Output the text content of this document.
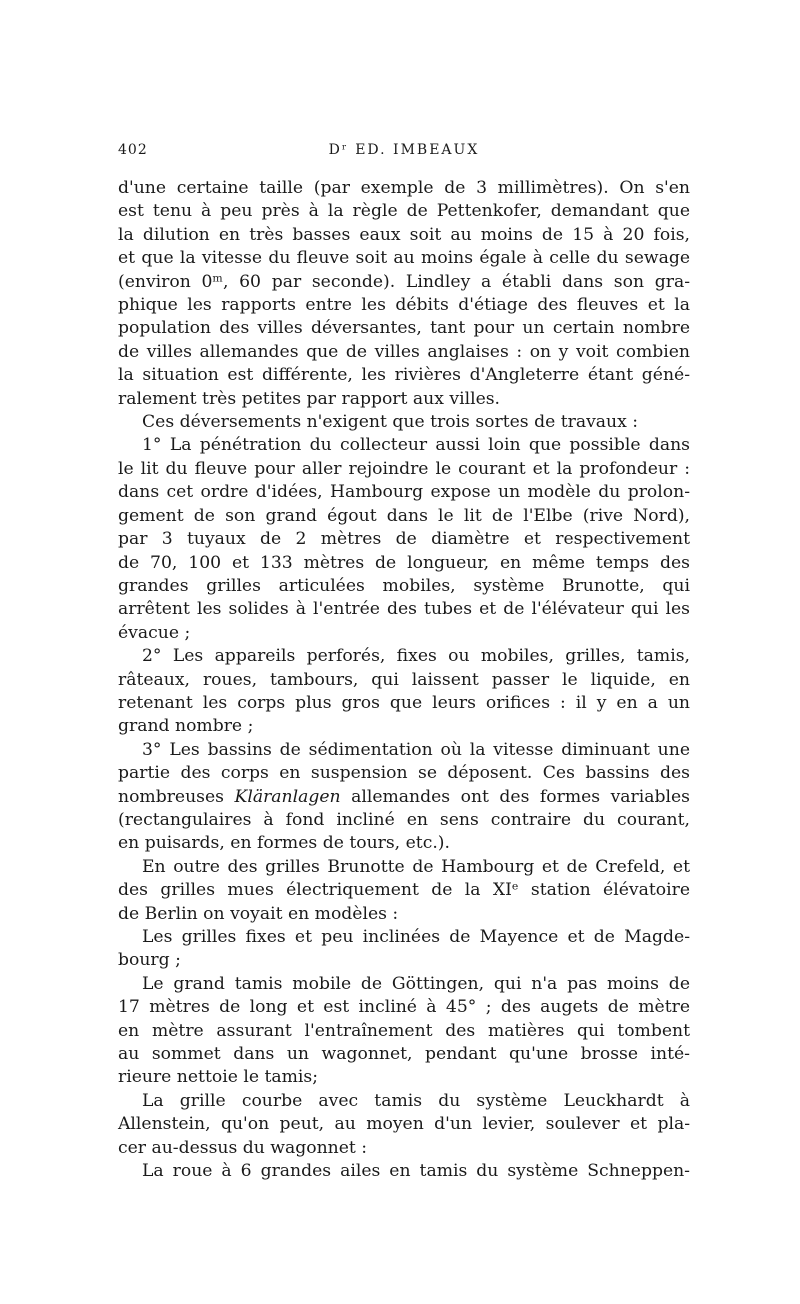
402	Dʳ ED. IMBEAUX

d'une certaine taille (par exemple de 3 millimètres). On s'en

est tenu à peu près à la règle de Pettenkofer, demandant que

la dilution en très basses eaux soit au moins de 15 à 20 fois,

et que la vitesse du fleuve soit au moins égale à celle du sewage

(environ 0ᵐ, 60 par seconde). Lindley a établi dans son gra-

phique les rapports entre les débits d'étiage des fleuves et la

population des villes déversantes, tant pour un certain nombre

de villes allemandes que de villes anglaises : on y voit combien

la situation est différente, les rivières d'Angleterre étant géné-

ralement très petites par rapport aux villes.

Ces déversements n'exigent que trois sortes de travaux :

1° La pénétration du collecteur aussi loin que possible dans

le lit du fleuve pour aller rejoindre le courant et la profondeur :

dans cet ordre d'idées, Hambourg expose un modèle du prolon-

gement de son grand égout dans le lit de l'Elbe (rive Nord),

par 3 tuyaux de 2 mètres de diamètre et respectivement

de 70, 100 et 133 mètres de longueur, en même temps des

grandes grilles articulées mobiles, système Brunotte, qui

arrêtent les solides à l'entrée des tubes et de l'élévateur qui les

évacue ;

2° Les appareils perforés, fixes ou mobiles, grilles, tamis,

râteaux, roues, tambours, qui laissent passer le liquide, en

retenant les corps plus gros que leurs orifices : il y en a un

grand nombre ;

3° Les bassins de sédimentation où la vitesse diminuant une

partie des corps en suspension se déposent. Ces bassins des

nombreuses Kläranlagen allemandes ont des formes variables

(rectangulaires à fond incliné en sens contraire du courant,

en puisards, en formes de tours, etc.).

En outre des grilles Brunotte de Hambourg et de Crefeld, et

des grilles mues électriquement de la XIᵉ station élévatoire

de Berlin on voyait en modèles :

Les grilles fixes et peu inclinées de Mayence et de Magde-

bourg ;

Le grand tamis mobile de Göttingen, qui n'a pas moins de

17 mètres de long et est incliné à 45° ; des augets de mètre

en mètre assurant l'entraînement des matières qui tombent

au sommet dans un wagonnet, pendant qu'une brosse inté-

rieure nettoie le tamis;

La grille courbe avec tamis du système Leuckhardt à

Allenstein, qu'on peut, au moyen d'un levier, soulever et pla-

cer au-dessus du wagonnet :

La roue à 6 grandes ailes en tamis du système Schneppen-
